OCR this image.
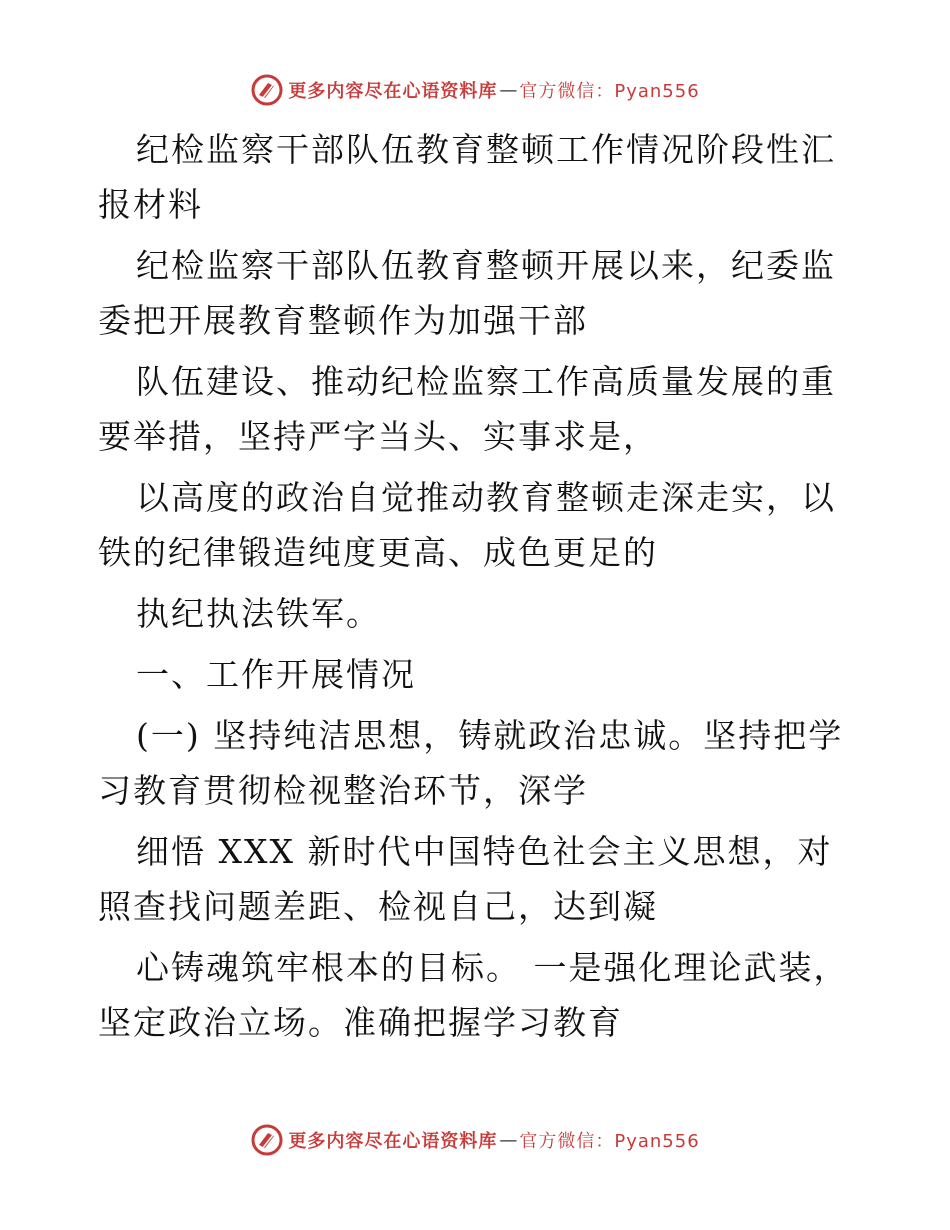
更多内容尽在心语资料库 — 官方微信：Pyan556

纪检监察干部队伍教育整顿工作情况阶段性汇报材料

纪检监察干部队伍教育整顿开展以来，纪委监委把开展教育整顿作为加强干部

队伍建设、推动纪检监察工作高质量发展的重要举措，坚持严字当头、实事求是，

以高度的政治自觉推动教育整顿走深走实，以铁的纪律锻造纯度更高、成色更足的

执纪执法铁军。

一、工作开展情况

(一) 坚持纯洁思想，铸就政治忠诚。坚持把学习教育贯彻检视整治环节，深学

细悟 XXX 新时代中国特色社会主义思想，对照查找问题差距、检视自己，达到凝

心铸魂筑牢根本的目标。 一是强化理论武装，坚定政治立场。准确把握学习教育

更多内容尽在心语资料库 — 官方微信：Pyan556
